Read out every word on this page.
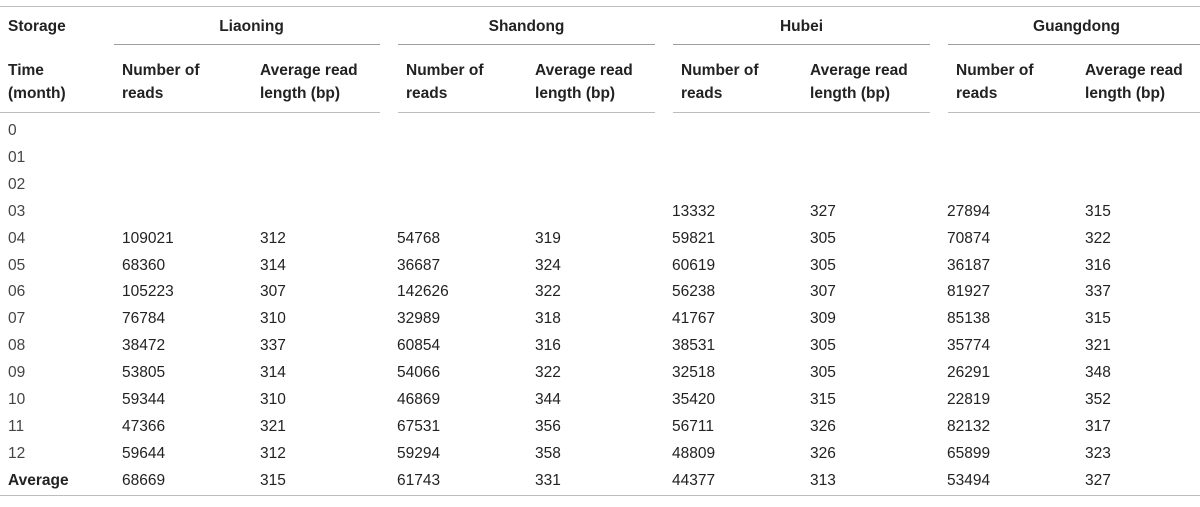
Storage	Liaoning		Shandong		Hubei		Guangdong	
Time (month)	Number of reads	Average read length (bp)	Number of reads	Average read length (bp)	Number of reads	Average read length (bp)	Number of reads	Average read length (bp)

0								
01								
02								
03					13332	327	27894	315
04	109021	312	54768	319	59821	305	70874	322
05	68360	314	36687	324	60619	305	36187	316
06	105223	307	142626	322	56238	307	81927	337
07	76784	310	32989	318	41767	309	85138	315
08	38472	337	60854	316	38531	305	35774	321
09	53805	314	54066	322	32518	305	26291	348
10	59344	310	46869	344	35420	315	22819	352
11	47366	321	67531	356	56711	326	82132	317
12	59644	312	59294	358	48809	326	65899	323
Average	68669	315	61743	331	44377	313	53494	327
